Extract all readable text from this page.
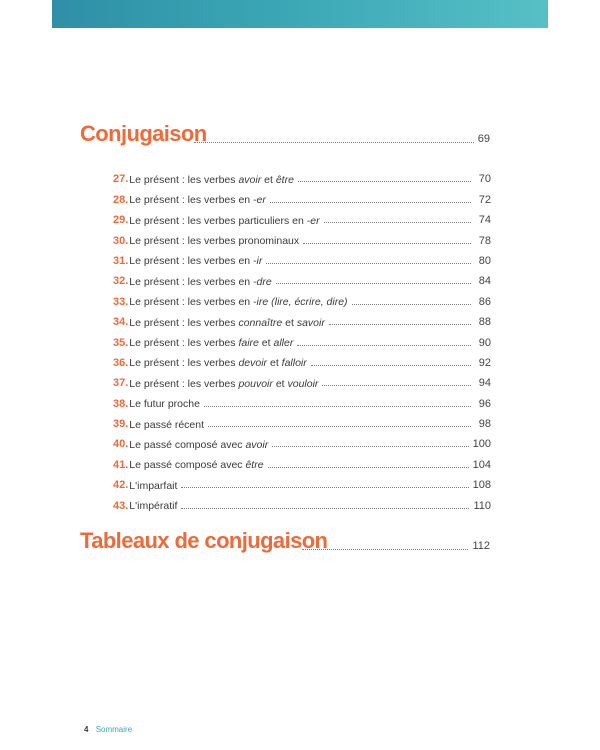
Conjugaison	69
27. Le présent : les verbes avoir et être	70
28. Le présent : les verbes en -er	72
29. Le présent : les verbes particuliers en -er	74
30. Le présent : les verbes pronominaux	78
31. Le présent : les verbes en -ir	80
32. Le présent : les verbes en -dre	84
33. Le présent : les verbes en -ire (lire, écrire, dire)	86
34. Le présent : les verbes connaître et savoir	88
35. Le présent : les verbes faire et aller	90
36. Le présent : les verbes devoir et falloir	92
37. Le présent : les verbes pouvoir et vouloir	94
38. Le futur proche	96
39. Le passé récent	98
40. Le passé composé avec avoir	100
41. Le passé composé avec être	104
42. L'imparfait	108
43. L'impératif	110
Tableaux de conjugaison	112
4 Sommaire
